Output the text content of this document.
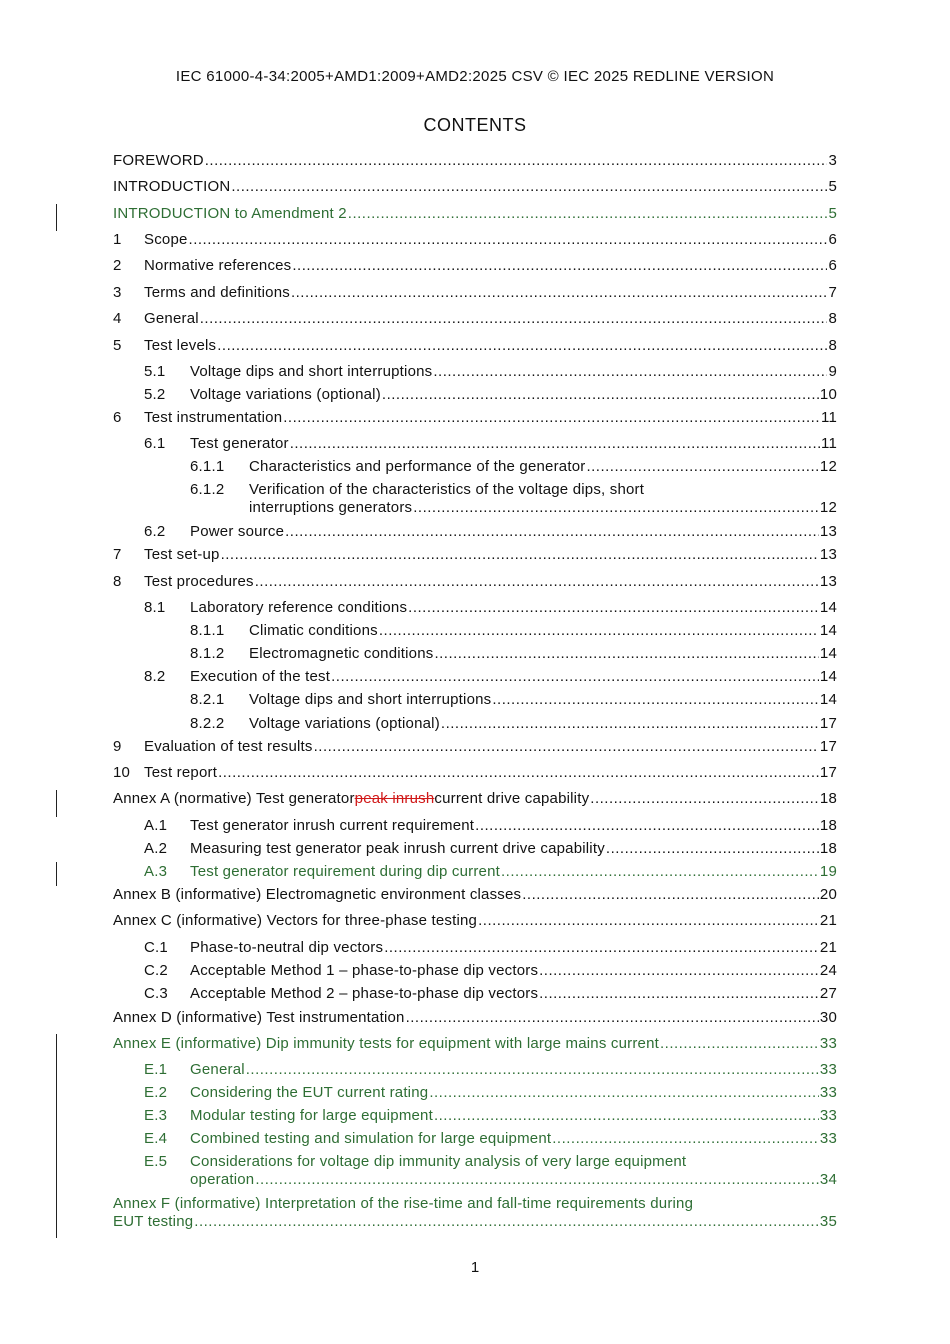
IEC 61000-4-34:2005+AMD1:2009+AMD2:2025 CSV © IEC 2025 REDLINE VERSION
CONTENTS
FOREWORD .....	3
INTRODUCTION .....	5
INTRODUCTION to Amendment 2 .....	5
1 Scope .....	6
2 Normative references .....	6
3 Terms and definitions .....	7
4 General .....	8
5 Test levels .....	8
5.1 Voltage dips and short interruptions .....	9
5.2 Voltage variations (optional) .....	10
6 Test instrumentation .....	11
6.1 Test generator .....	11
6.1.1 Characteristics and performance of the generator .....	12
6.1.2 Verification of the characteristics of the voltage dips, short
interruptions generators .....	12
6.2 Power source .....	13
7 Test set-up .....	13
8 Test procedures .....	13
8.1 Laboratory reference conditions .....	14
8.1.1 Climatic conditions .....	14
8.1.2 Electromagnetic conditions .....	14
8.2 Execution of the test .....	14
8.2.1 Voltage dips and short interruptions .....	14
8.2.2 Voltage variations (optional) .....	17
9 Evaluation of test results .....	17
10 Test report .....	17
Annex A (normative) Test generator peak inrush current drive capability .....	18
A.1 Test generator inrush current requirement .....	18
A.2 Measuring test generator peak inrush current drive capability .....	18
A.3 Test generator requirement during dip current .....	19
Annex B (informative) Electromagnetic environment classes .....	20
Annex C (informative) Vectors for three-phase testing .....	21
C.1 Phase-to-neutral dip vectors .....	21
C.2 Acceptable Method 1 – phase-to-phase dip vectors .....	24
C.3 Acceptable Method 2 – phase-to-phase dip vectors .....	27
Annex D (informative) Test instrumentation .....	30
Annex E (informative) Dip immunity tests for equipment with large mains current .....	33
E.1 General .....	33
E.2 Considering the EUT current rating .....	33
E.3 Modular testing for large equipment .....	33
E.4 Combined testing and simulation for large equipment .....	33
E.5 Considerations for voltage dip immunity analysis of very large equipment
operation .....	34
Annex F (informative) Interpretation of the rise-time and fall-time requirements during
EUT testing .....	35
1
